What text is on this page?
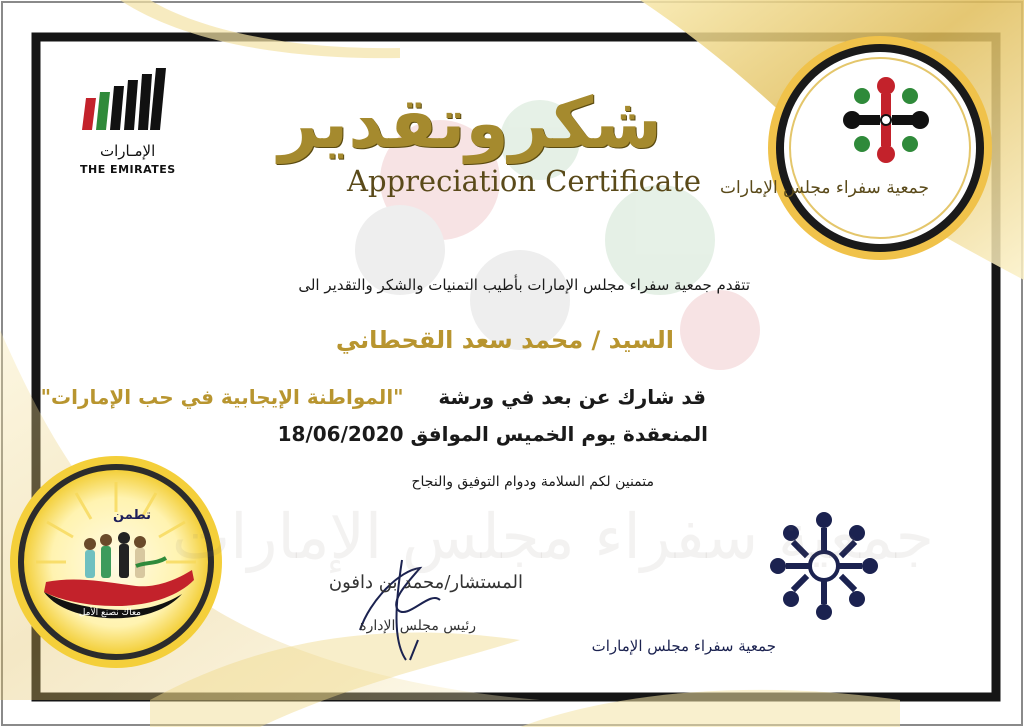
جمعية سفراء مجلس الإمارات
الإمـارات
THE EMIRATES
شكروتقدير
Appreciation Certificate جمعية سفراء مجلس الإمارات
تتقدم جمعية سفراء مجلس الإمارات بأطيب التمنيات والشكر والتقدير الى
السيد / محمد سعد القحطاني
قد شارك عن بعد في ورشة     "المواطنة الإيجابية في حب الإمارات"
المنعقدة يوم الخميس الموافق 18/06/2020
متمنين لكم السلامة ودوام التوفيق والنجاح
المستشار/محمد بن دافون
رئيس مجلس الإدارة
جمعية سفراء مجلس الإمارات
تطمن
معاك نصنع الأمل
